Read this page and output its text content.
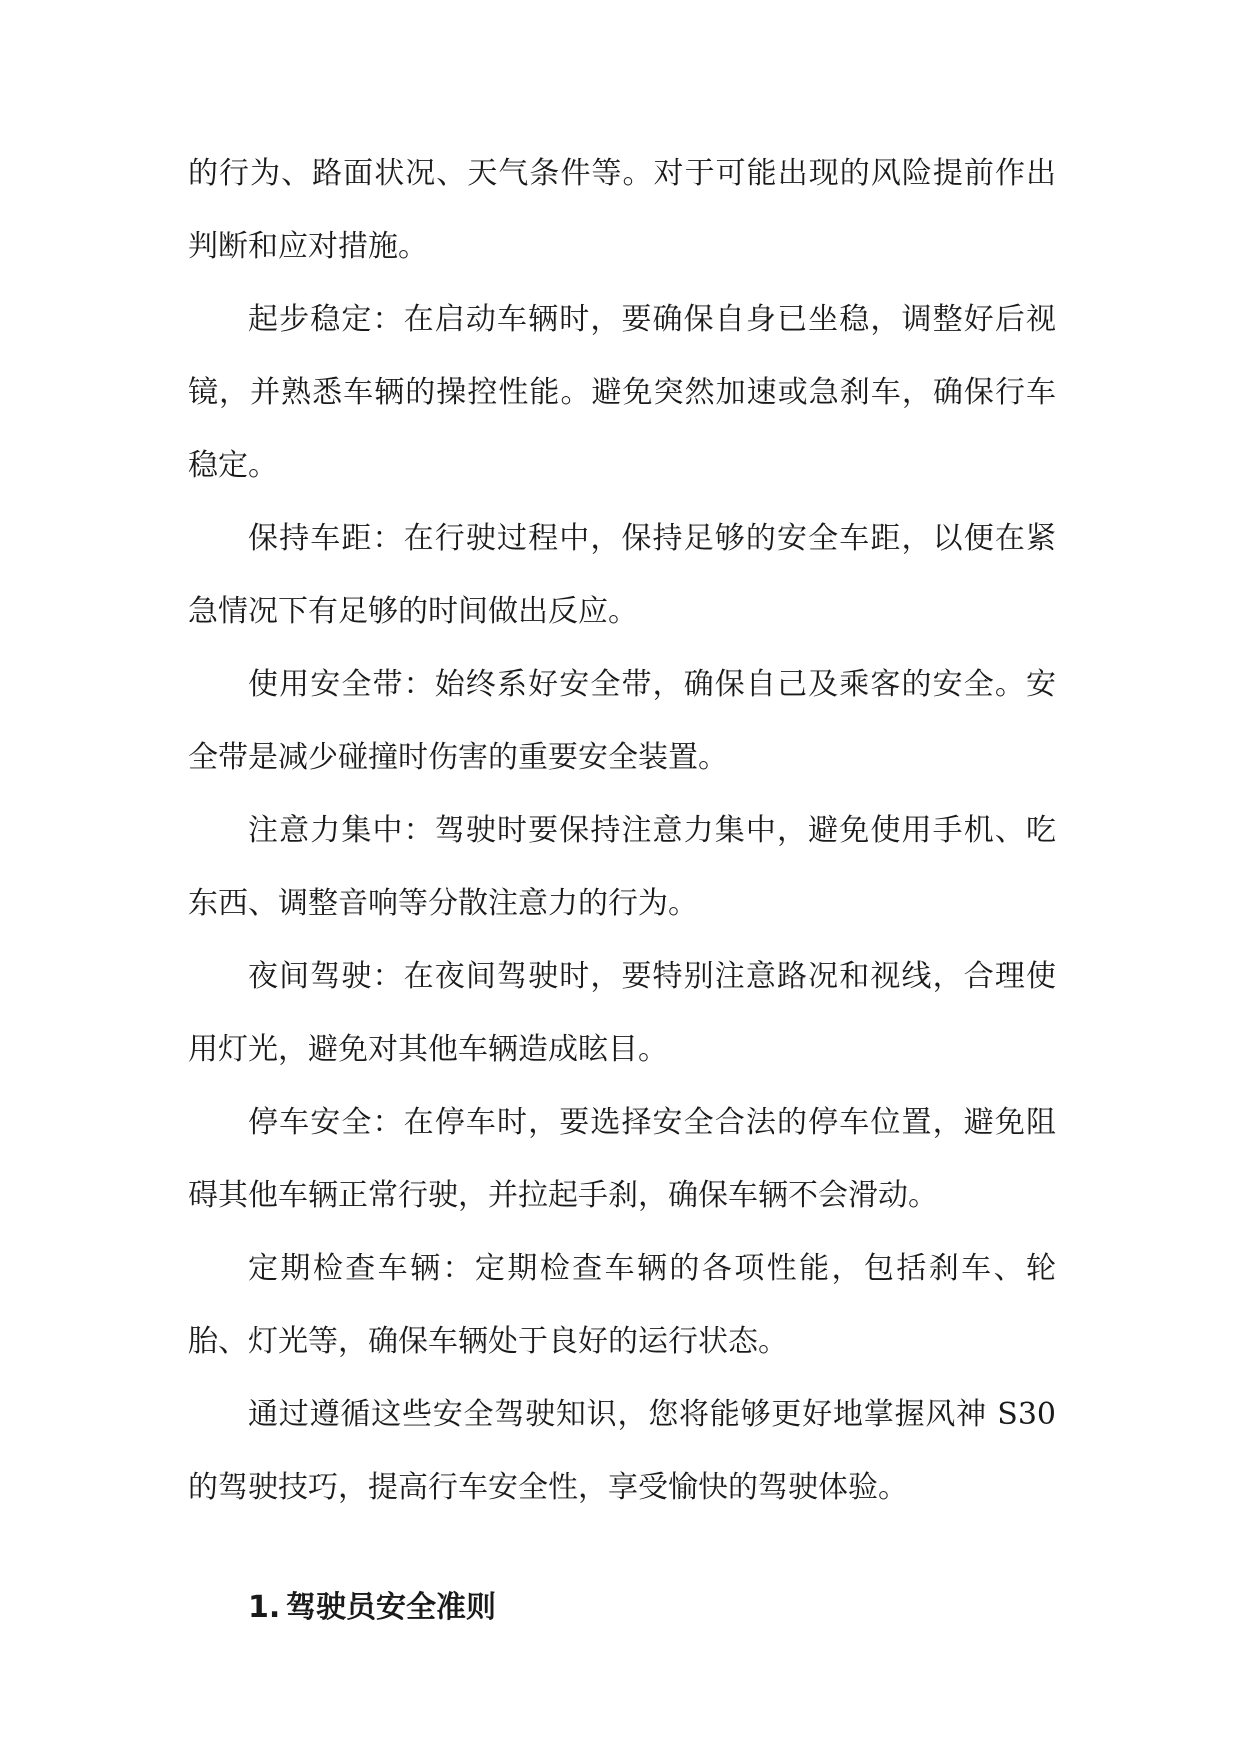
的行为、路面状况、天气条件等。对于可能出现的风险提前作出判断和应对措施。

起步稳定：在启动车辆时，要确保自身已坐稳，调整好后视镜，并熟悉车辆的操控性能。避免突然加速或急刹车，确保行车稳定。

保持车距：在行驶过程中，保持足够的安全车距，以便在紧急情况下有足够的时间做出反应。

使用安全带：始终系好安全带，确保自己及乘客的安全。安全带是减少碰撞时伤害的重要安全装置。

注意力集中：驾驶时要保持注意力集中，避免使用手机、吃东西、调整音响等分散注意力的行为。

夜间驾驶：在夜间驾驶时，要特别注意路况和视线，合理使用灯光，避免对其他车辆造成眩目。

停车安全：在停车时，要选择安全合法的停车位置，避免阻碍其他车辆正常行驶，并拉起手刹，确保车辆不会滑动。

定期检查车辆：定期检查车辆的各项性能，包括刹车、轮胎、灯光等，确保车辆处于良好的运行状态。

通过遵循这些安全驾驶知识，您将能够更好地掌握风神 S30 的驾驶技巧，提高行车安全性，享受愉快的驾驶体验。

1. 驾驶员安全准则
